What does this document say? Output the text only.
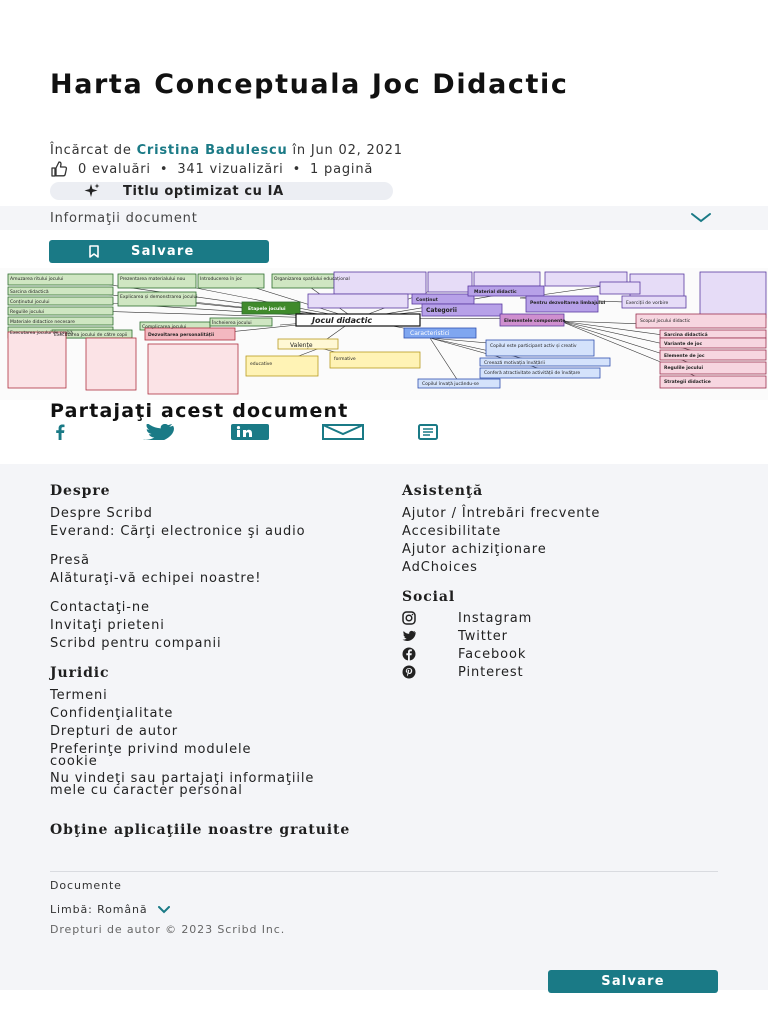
Harta Conceptuala Joc Didactic
Încărcat de Cristina Badulescu în Jun 02, 2021
0 evaluări • 341 vizualizări • 1 pagină
Titlu optimizat cu IA
Informaţii document
Salvare
Amuzarea ritului jocului
Sarcina didactică
Conținutul jocului
Regulile jocului
Materiale didactice necesare
Executarea jocului de probă
Prezentarea materialului nou
Explicarea și demonstrarea jocului
Introducerea în joc	Organizarea spațiului educațional
Executarea jocului de către copii
Complicarea jocului
Încheierea jocului
Etapele jocului
Dezvoltarea personalității
Valențe
educative
formative
Caracteristici
Copilul este participant activ și creativ
Creează motivația învățării
Conferă atractivitate activității de învățare
Copilul învață jucându-se
Conținut
Material didactic
Categorii
Pentru dezvoltarea limbajului
Elementele componente	Scopul jocului didactic
Sarcina didactică
Variante de joc
Elemente de joc
Regulile jocului
Strategii didactice
Exerciții de vorbire
Jocul didactic
Partajaţi acest document
Despre
Despre Scribd
Everand: Cărţi electronice şi audio
Presă
Alăturaţi-vă echipei noastre!
Contactaţi-ne
Invitaţi prieteni
Scribd pentru companii
Juridic
Termeni
Confidenţialitate
Drepturi de autor
Preferinţe privind modulele cookie
Nu vindeţi sau partajaţi informaţiile mele cu caracter personal
Asistenţă
Ajutor / Întrebări frecvente
Accesibilitate
Ajutor achiziţionare
AdChoices
Social
Instagram
Twitter
Facebook
Pinterest
Obţine aplicaţiile noastre gratuite
Documente
Limbă: Română
Drepturi de autor © 2023 Scribd Inc.
Salvare
